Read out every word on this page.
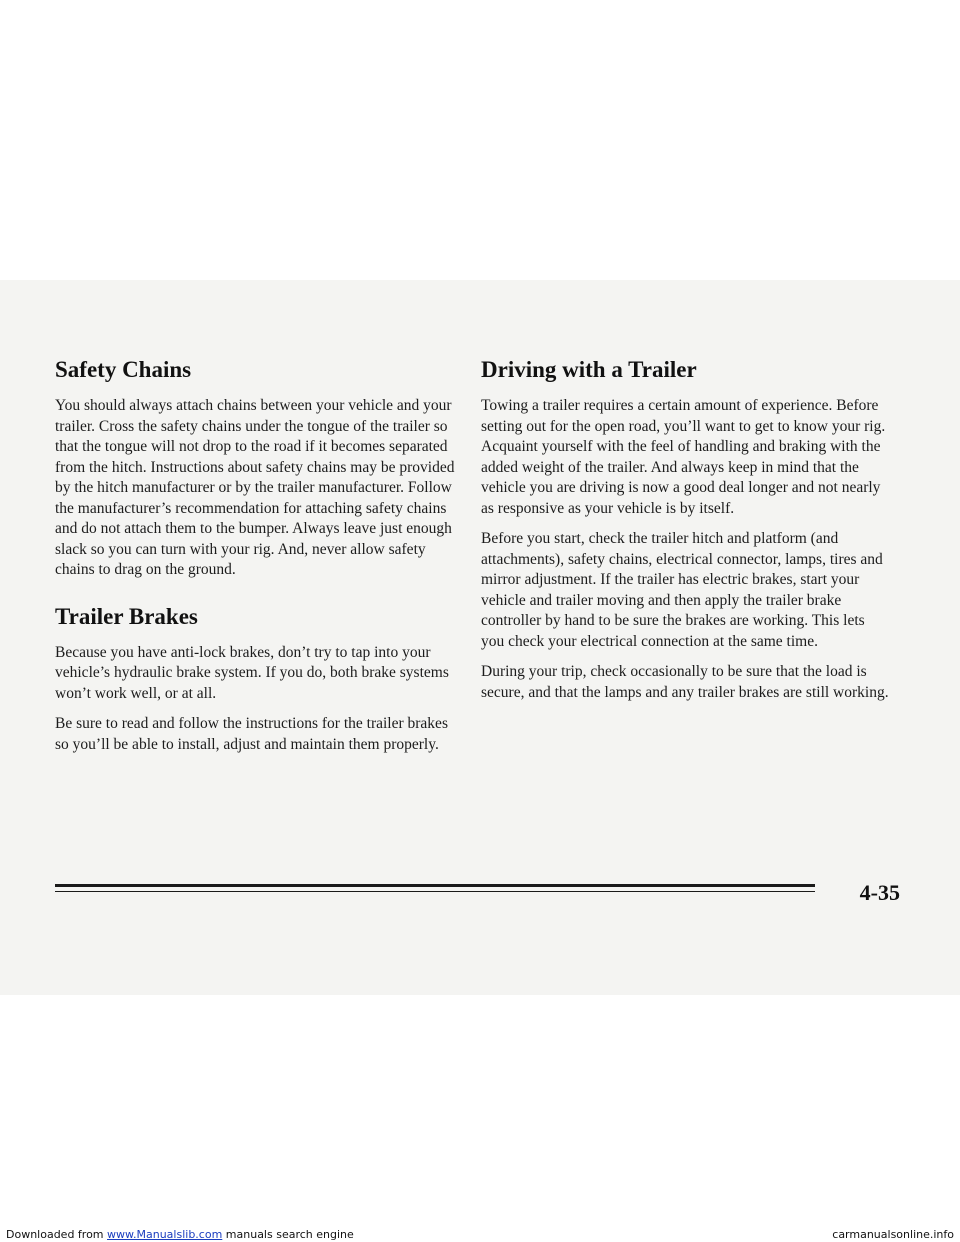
Safety Chains

You should always attach chains between your vehicle and your trailer. Cross the safety chains under the tongue of the trailer so that the tongue will not drop to the road if it becomes separated from the hitch. Instructions about safety chains may be provided by the hitch manufacturer or by the trailer manufacturer. Follow the manufacturer’s recommendation for attaching safety chains and do not attach them to the bumper. Always leave just enough slack so you can turn with your rig. And, never allow safety chains to drag on the ground.

Trailer Brakes

Because you have anti-lock brakes, don’t try to tap into your vehicle’s hydraulic brake system. If you do, both brake systems won’t work well, or at all.

Be sure to read and follow the instructions for the trailer brakes so you’ll be able to install, adjust and maintain them properly.

Driving with a Trailer

Towing a trailer requires a certain amount of experience. Before setting out for the open road, you’ll want to get to know your rig. Acquaint yourself with the feel of handling and braking with the added weight of the trailer. And always keep in mind that the vehicle you are driving is now a good deal longer and not nearly as responsive as your vehicle is by itself.

Before you start, check the trailer hitch and platform (and attachments), safety chains, electrical connector, lamps, tires and mirror adjustment. If the trailer has electric brakes, start your vehicle and trailer moving and then apply the trailer brake controller by hand to be sure the brakes are working. This lets you check your electrical connection at the same time.

During your trip, check occasionally to be sure that the load is secure, and that the lamps and any trailer brakes are still working.

4-35
Downloaded from www.Manualslib.com manuals search engine	carmanualsonline.info
